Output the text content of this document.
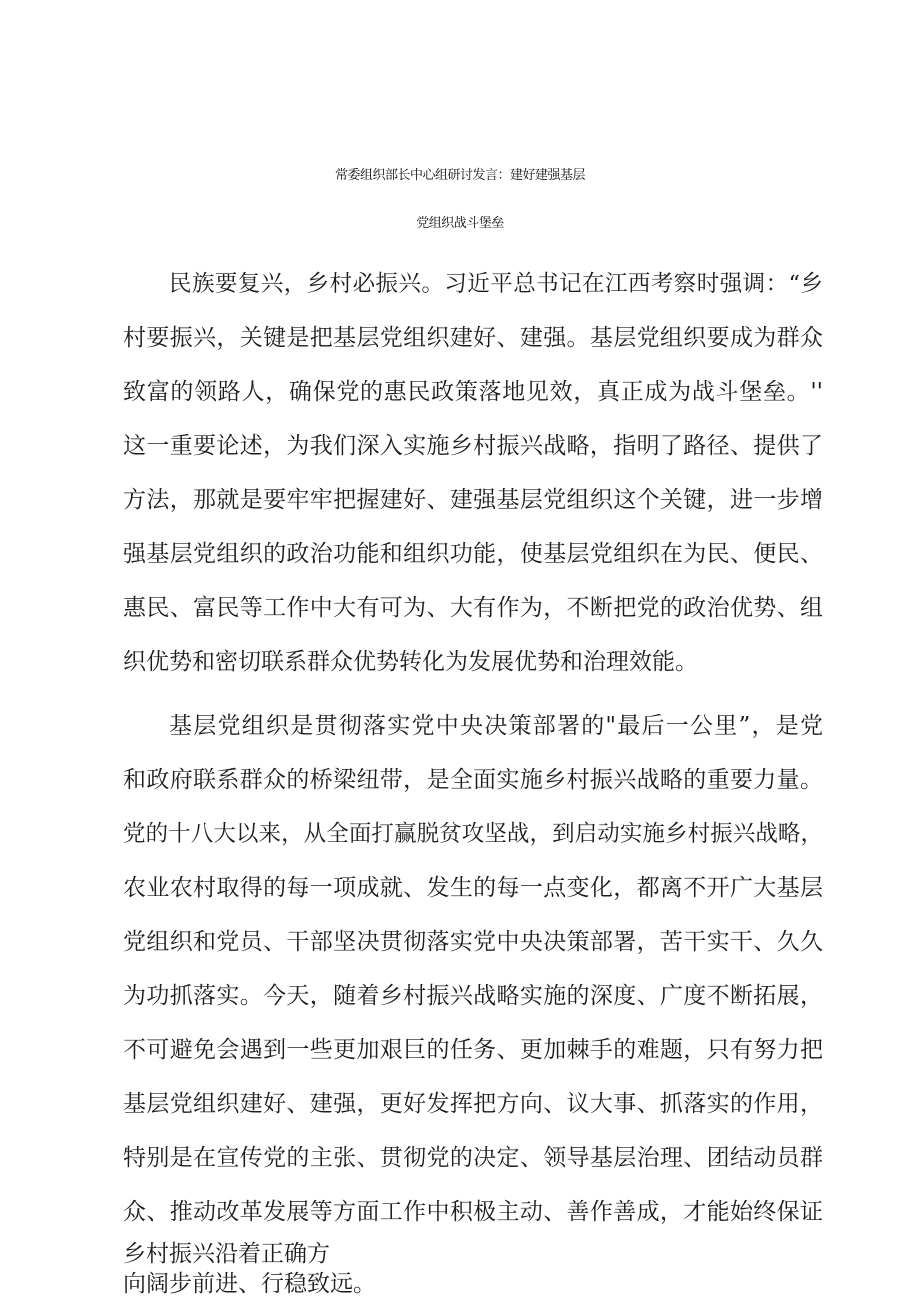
常委组织部长中心组研讨发言：建好建强基层
党组织战斗堡垒
民族要复兴，乡村必振兴。习近平总书记在江西考察时强调：“乡
村要振兴，关键是把基层党组织建好、建强。基层党组织要成为群众
致富的领路人，确保党的惠民政策落地见效，真正成为战斗堡垒。''
这一重要论述，为我们深入实施乡村振兴战略，指明了路径、提供了
方法，那就是要牢牢把握建好、建强基层党组织这个关键，进一步增
强基层党组织的政治功能和组织功能，使基层党组织在为民、便民、
惠民、富民等工作中大有可为、大有作为，不断把党的政治优势、组
织优势和密切联系群众优势转化为发展优势和治理效能。
基层党组织是贯彻落实党中央决策部署的"最后一公里”，是党
和政府联系群众的桥梁纽带，是全面实施乡村振兴战略的重要力量。
党的十八大以来，从全面打赢脱贫攻坚战，到启动实施乡村振兴战略，
农业农村取得的每一项成就、发生的每一点变化，都离不开广大基层
党组织和党员、干部坚决贯彻落实党中央决策部署，苦干实干、久久
为功抓落实。今天，随着乡村振兴战略实施的深度、广度不断拓展，
不可避免会遇到一些更加艰巨的任务、更加棘手的难题，只有努力把
基层党组织建好、建强，更好发挥把方向、议大事、抓落实的作用，
特别是在宣传党的主张、贯彻党的决定、领导基层治理、团结动员群
众、推动改革发展等方面工作中积极主动、善作善成，才能始终保证
乡村振兴沿着正确方
向阔步前进、行稳致远。
